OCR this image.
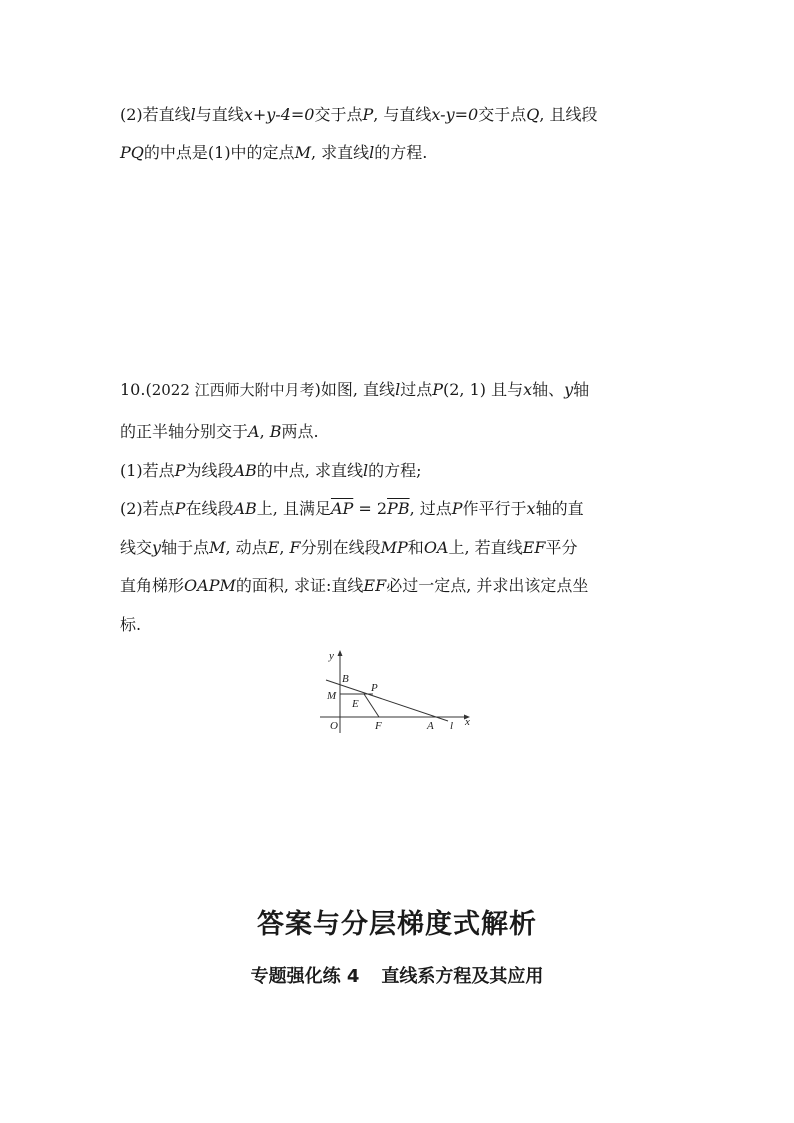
(2)若直线l与直线x+y-4=0交于点P, 与直线x-y=0交于点Q, 且线段
PQ的中点是(1)中的定点M, 求直线l的方程.
10.(2022 江西师大附中月考)如图, 直线l过点P(2, 1) 且与x轴、y轴
的正半轴分别交于A, B两点.
(1)若点P为线段AB的中点, 求直线l的方程;
(2)若点P在线段AB上, 且满足$\overline{AP} = 2\overline{PB}$, 过点P作平行于x轴的直
线交y轴于点M, 动点E, F分别在线段MP和OA上, 若直线EF平分
直角梯形OAPM的面积, 求证:直线EF必过一定点, 并求出该定点坐
标.
y
x
B
P
M
E
O	F	A l
答案与分层梯度式解析
专题强化练 4 直线系方程及其应用
